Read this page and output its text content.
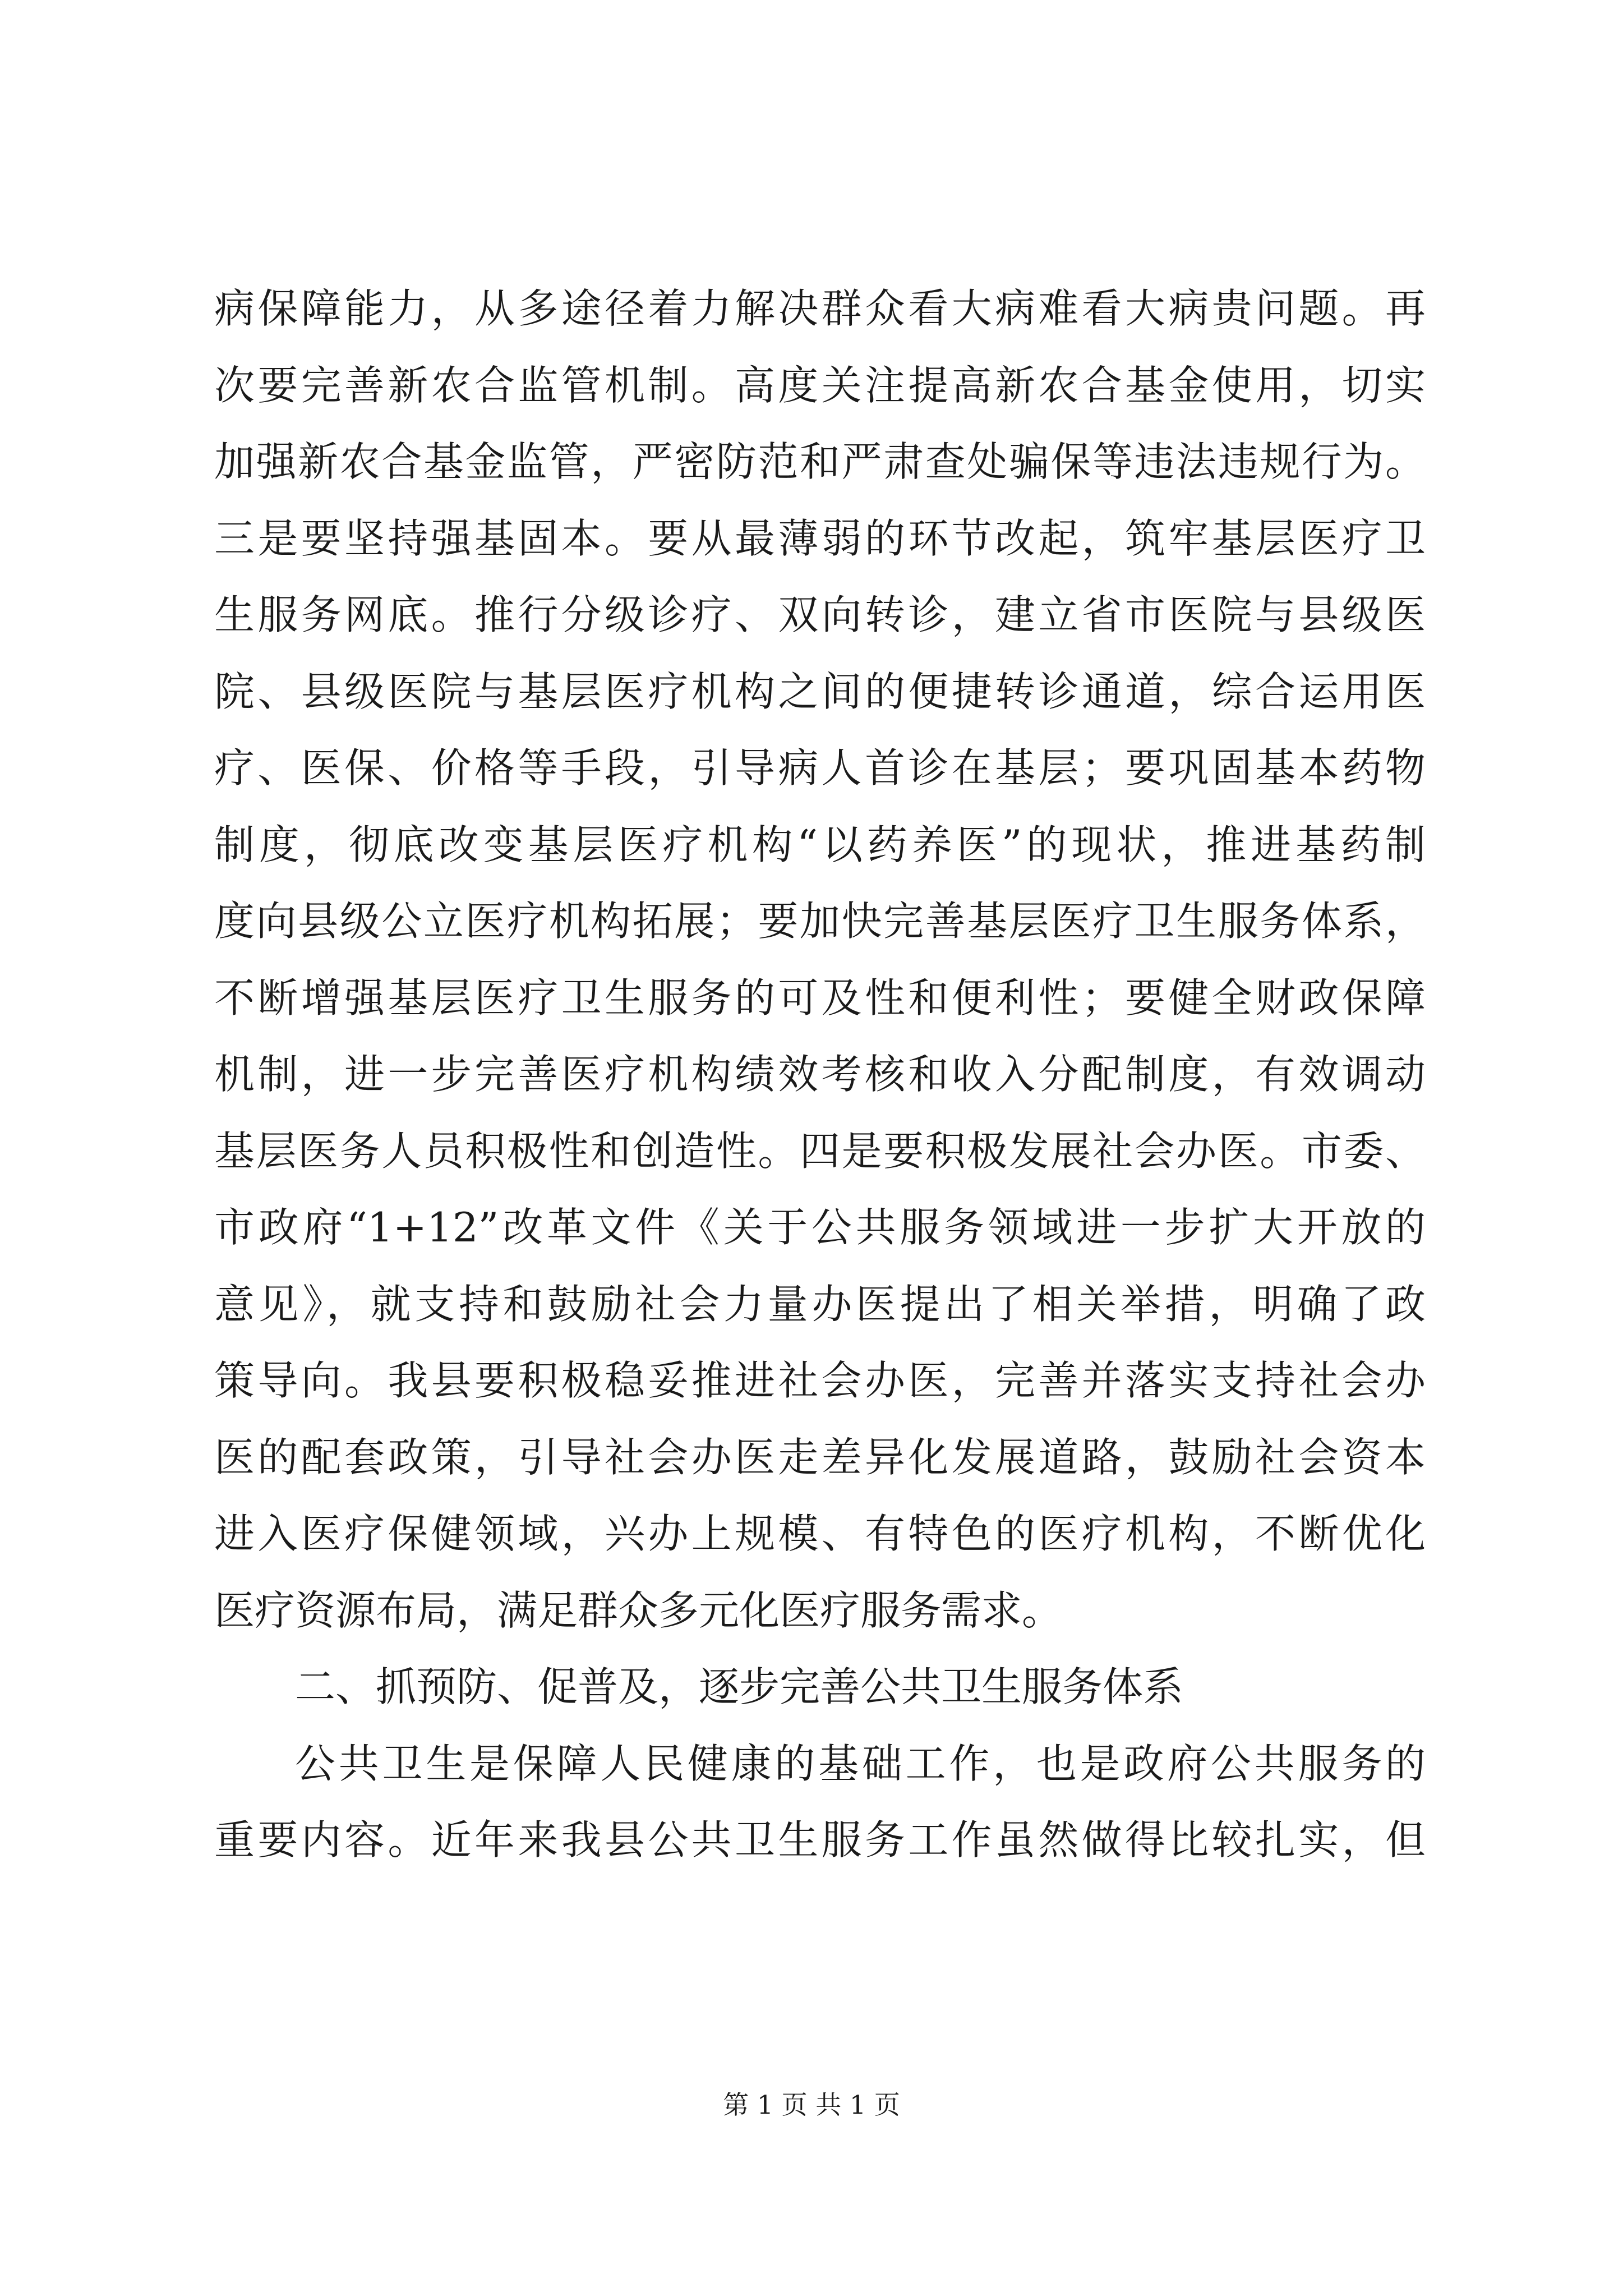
病保障能力，从多途径着力解决群众看大病难看大病贵问题。再
次要完善新农合监管机制。高度关注提高新农合基金使用，切实
加强新农合基金监管，严密防范和严肃查处骗保等违法违规行为。
三是要坚持强基固本。要从最薄弱的环节改起，筑牢基层医疗卫
生服务网底。推行分级诊疗、双向转诊，建立省市医院与县级医
院、县级医院与基层医疗机构之间的便捷转诊通道，综合运用医
疗、医保、价格等手段，引导病人首诊在基层；要巩固基本药物
制度，彻底改变基层医疗机构“以药养医”的现状，推进基药制
度向县级公立医疗机构拓展；要加快完善基层医疗卫生服务体系，
不断增强基层医疗卫生服务的可及性和便利性；要健全财政保障
机制，进一步完善医疗机构绩效考核和收入分配制度，有效调动
基层医务人员积极性和创造性。四是要积极发展社会办医。市委、
市政府“1+12”改革文件《关于公共服务领域进一步扩大开放的
意见》，就支持和鼓励社会力量办医提出了相关举措，明确了政
策导向。我县要积极稳妥推进社会办医，完善并落实支持社会办
医的配套政策，引导社会办医走差异化发展道路，鼓励社会资本
进入医疗保健领域，兴办上规模、有特色的医疗机构，不断优化
医疗资源布局，满足群众多元化医疗服务需求。
二、抓预防、促普及，逐步完善公共卫生服务体系
公共卫生是保障人民健康的基础工作，也是政府公共服务的
重要内容。近年来我县公共卫生服务工作虽然做得比较扎实，但
第 1 页 共 1 页
